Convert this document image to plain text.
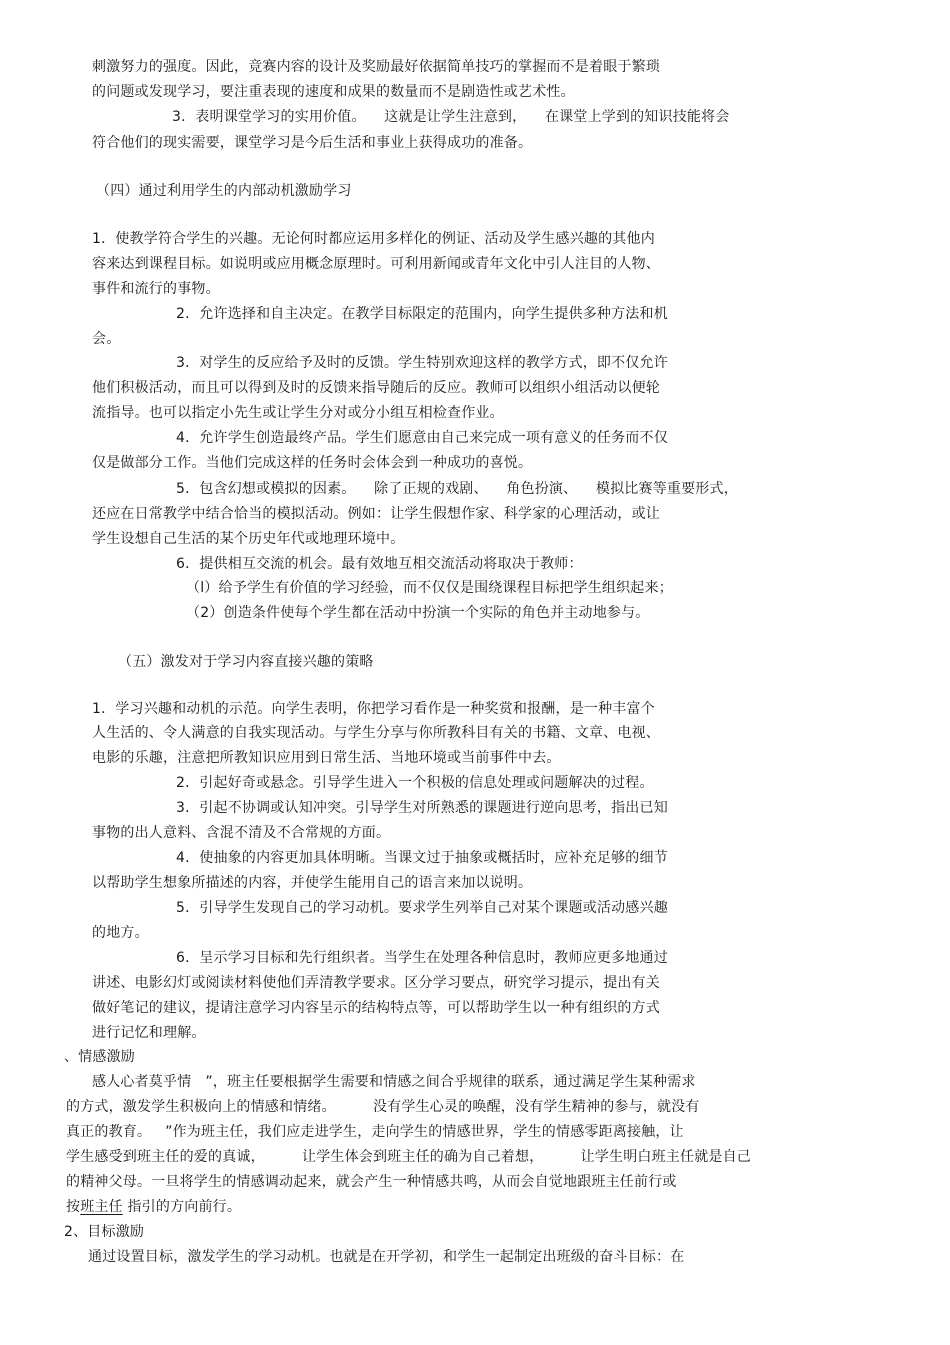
刺激努力的强度。因此，竞赛内容的设计及奖励最好依据简单技巧的掌握而不是着眼于繁琐
的问题或发现学习，要注重表现的速度和成果的数量而不是剧造性或艺术性。
3．表明课堂学习的实用价值。    这就是让学生注意到，    在课堂上学到的知识技能将会
符合他们的现实需要，课堂学习是今后生活和事业上获得成功的准备。
（四）通过利用学生的内部动机激励学习
1．使教学符合学生的兴趣。无论何时都应运用多样化的例证、活动及学生感兴趣的其他内
容来达到课程目标。如说明或应用概念原理时。可利用新闻或青年文化中引人注目的人物、
事件和流行的事物。
2．允许选择和自主决定。在教学目标限定的范围内，向学生提供多种方法和机
会。
3．对学生的反应给予及时的反馈。学生特别欢迎这样的教学方式，即不仅允许
他们积极活动，而且可以得到及时的反馈来指导随后的反应。教师可以组织小组活动以便轮
流指导。也可以指定小先生或让学生分对或分小组互相检查作业。
4．允许学生创造最终产品。学生们愿意由自己来完成一项有意义的任务而不仅
仅是做部分工作。当他们完成这样的任务时会体会到一种成功的喜悦。
5．包含幻想或模拟的因素。    除了正规的戏剧、    角色扮演、    模拟比赛等重要形式，
还应在日常教学中结合恰当的模拟活动。例如：让学生假想作家、科学家的心理活动，或让
学生设想自己生活的某个历史年代或地理环境中。
6．提供相互交流的机会。最有效地互相交流活动将取决于教师：
（l）给予学生有价值的学习经验，而不仅仅是围绕课程目标把学生组织起来；
（2）创造条件使每个学生都在活动中扮演一个实际的角色并主动地参与。
（五）激发对于学习内容直接兴趣的策略
1．学习兴趣和动机的示范。向学生表明，你把学习看作是一种奖赏和报酬，是一种丰富个
人生活的、令人满意的自我实现活动。与学生分享与你所教科目有关的书籍、文章、电视、
电影的乐趣，注意把所教知识应用到日常生活、当地环境或当前事件中去。
2．引起好奇或悬念。引导学生进入一个积极的信息处理或问题解决的过程。
3．引起不协调或认知冲突。引导学生对所熟悉的课题进行逆向思考，指出已知
事物的出人意料、含混不清及不合常规的方面。
4．使抽象的内容更加具体明晰。当课文过于抽象或概括时，应补充足够的细节
以帮助学生想象所描述的内容，并使学生能用自己的语言来加以说明。
5．引导学生发现自己的学习动机。要求学生列举自己对某个课题或活动感兴趣
的地方。
6．呈示学习目标和先行组织者。当学生在处理各种信息时，教师应更多地通过
讲述、电影幻灯或阅读材料使他们弄清教学要求。区分学习要点，研究学习提示，提出有关
做好笔记的建议，提请注意学习内容呈示的结构特点等，可以帮助学生以一种有组织的方式
进行记忆和理解。
、情感激励
感人心者莫乎情   ”，班主任要根据学生需要和情感之间合乎规律的联系，通过满足学生某种需求
的方式，激发学生积极向上的情感和情绪。        没有学生心灵的唤醒，没有学生精神的参与，就没有
真正的教育。   ”作为班主任，我们应走进学生，走向学生的情感世界，学生的情感零距离接触，让
学生感受到班主任的爱的真诚，        让学生体会到班主任的确为自己着想，        让学生明白班主任就是自己
的精神父母。一旦将学生的情感调动起来，就会产生一种情感共鸣，从而会自觉地跟班主任前行或
按班主任 指引的方向前行。
2、目标激励
通过设置目标，激发学生的学习动机。也就是在开学初，和学生一起制定出班级的奋斗目标：在
